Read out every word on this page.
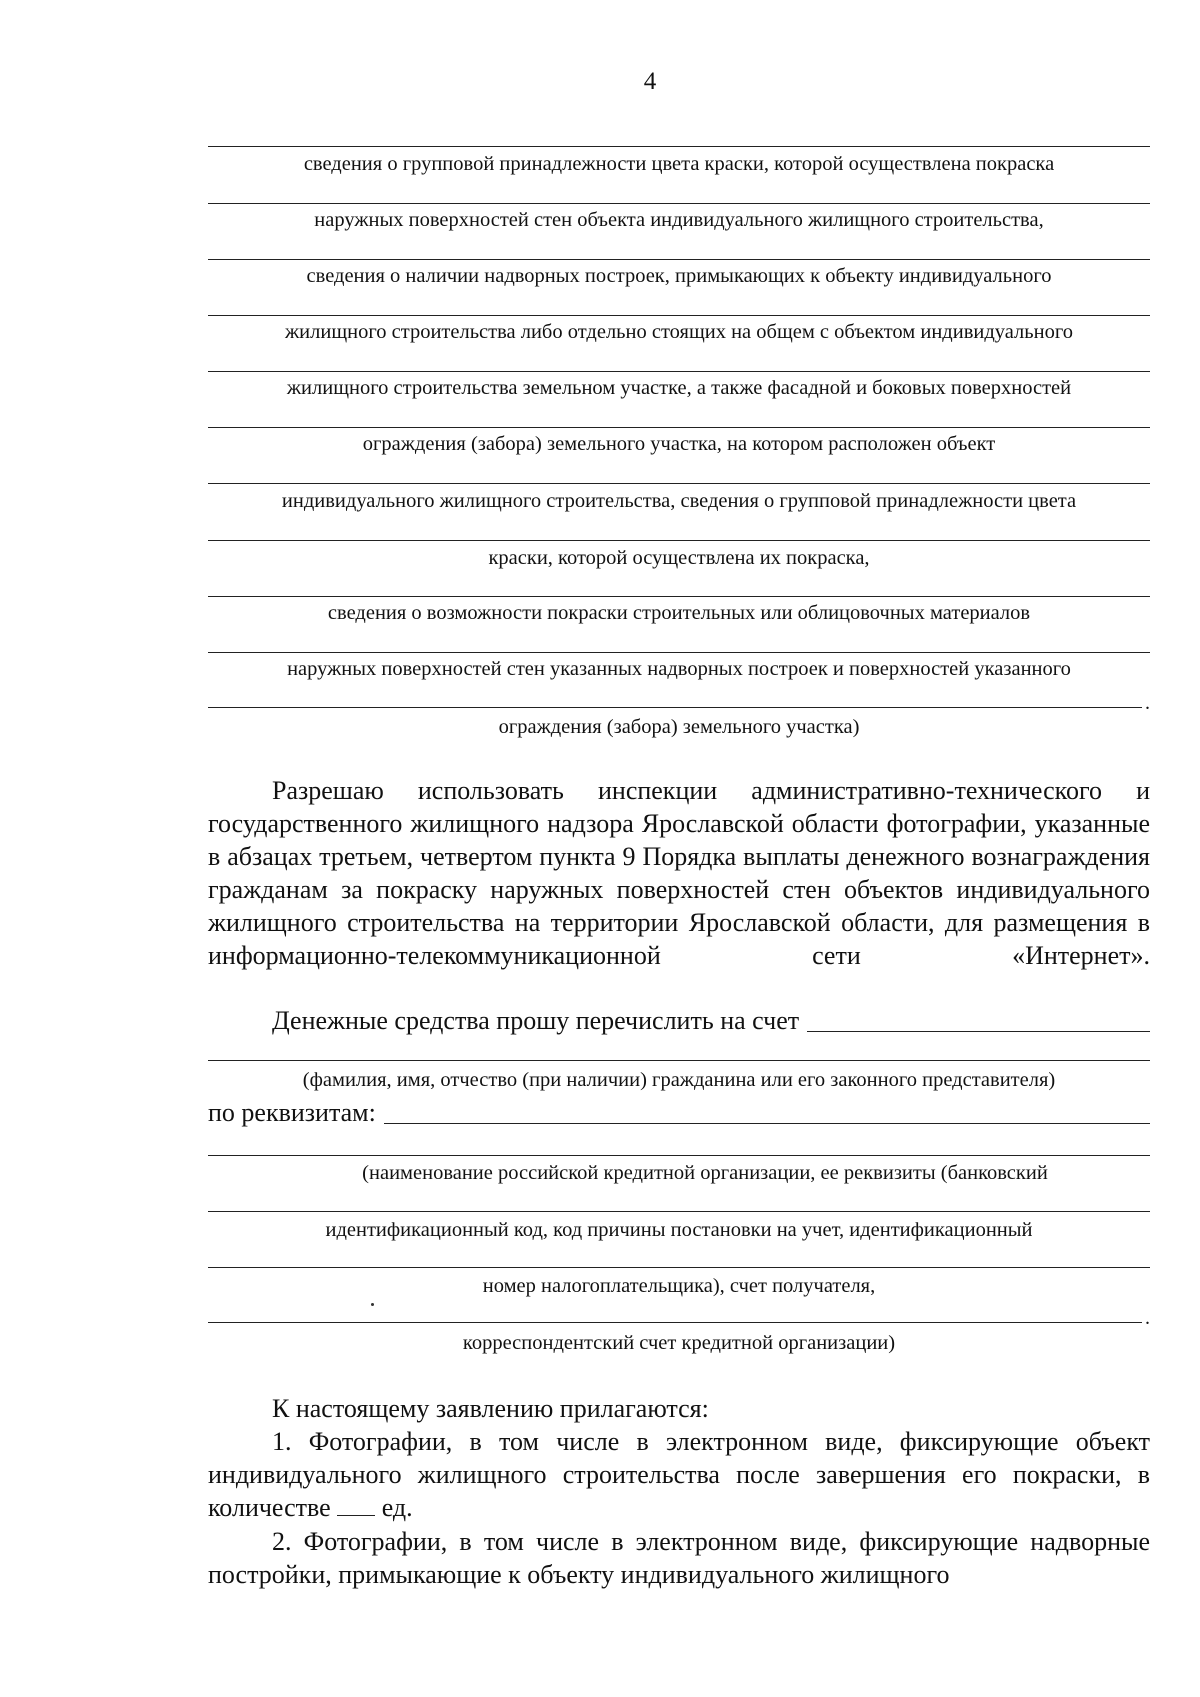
4
сведения о групповой принадлежности цвета краски, которой осуществлена покраска
наружных поверхностей стен объекта индивидуального жилищного строительства,
сведения о наличии надворных построек, примыкающих к объекту индивидуального
жилищного строительства либо отдельно стоящих на общем с объектом индивидуального
жилищного строительства земельном участке, а также фасадной и боковых поверхностей
ограждения (забора) земельного участка, на котором расположен объект
индивидуального жилищного строительства, сведения о групповой принадлежности цвета
краски, которой осуществлена их покраска,
сведения о возможности покраски строительных или облицовочных материалов
наружных поверхностей стен указанных надворных построек и поверхностей указанного
.
ограждения (забора) земельного участка)
Разрешаю использовать инспекции административно-технического и государственного жилищного надзора Ярославской области фотографии, указанные в абзацах третьем, четвертом пункта 9 Порядка выплаты денежного вознаграждения гражданам за покраску наружных поверхностей стен объектов индивидуального жилищного строительства на территории Ярославской области, для размещения в информационно-телекоммуникационной сети «Интернет».
Денежные средства прошу перечислить на счет
(фамилия, имя, отчество (при наличии) гражданина или его законного представителя)
по реквизитам:
(наименование российской кредитной организации, ее реквизиты (банковский
идентификационный код, код причины постановки на учет, идентификационный
номер налогоплательщика), счет получателя,
.
корреспондентский счет кредитной организации)
К настоящему заявлению прилагаются:
1. Фотографии, в том числе в электронном виде, фиксирующие объект индивидуального жилищного строительства после завершения его покраски, в количестве ед.
2. Фотографии, в том числе в электронном виде, фиксирующие надворные постройки, примыкающие к объекту индивидуального жилищного
